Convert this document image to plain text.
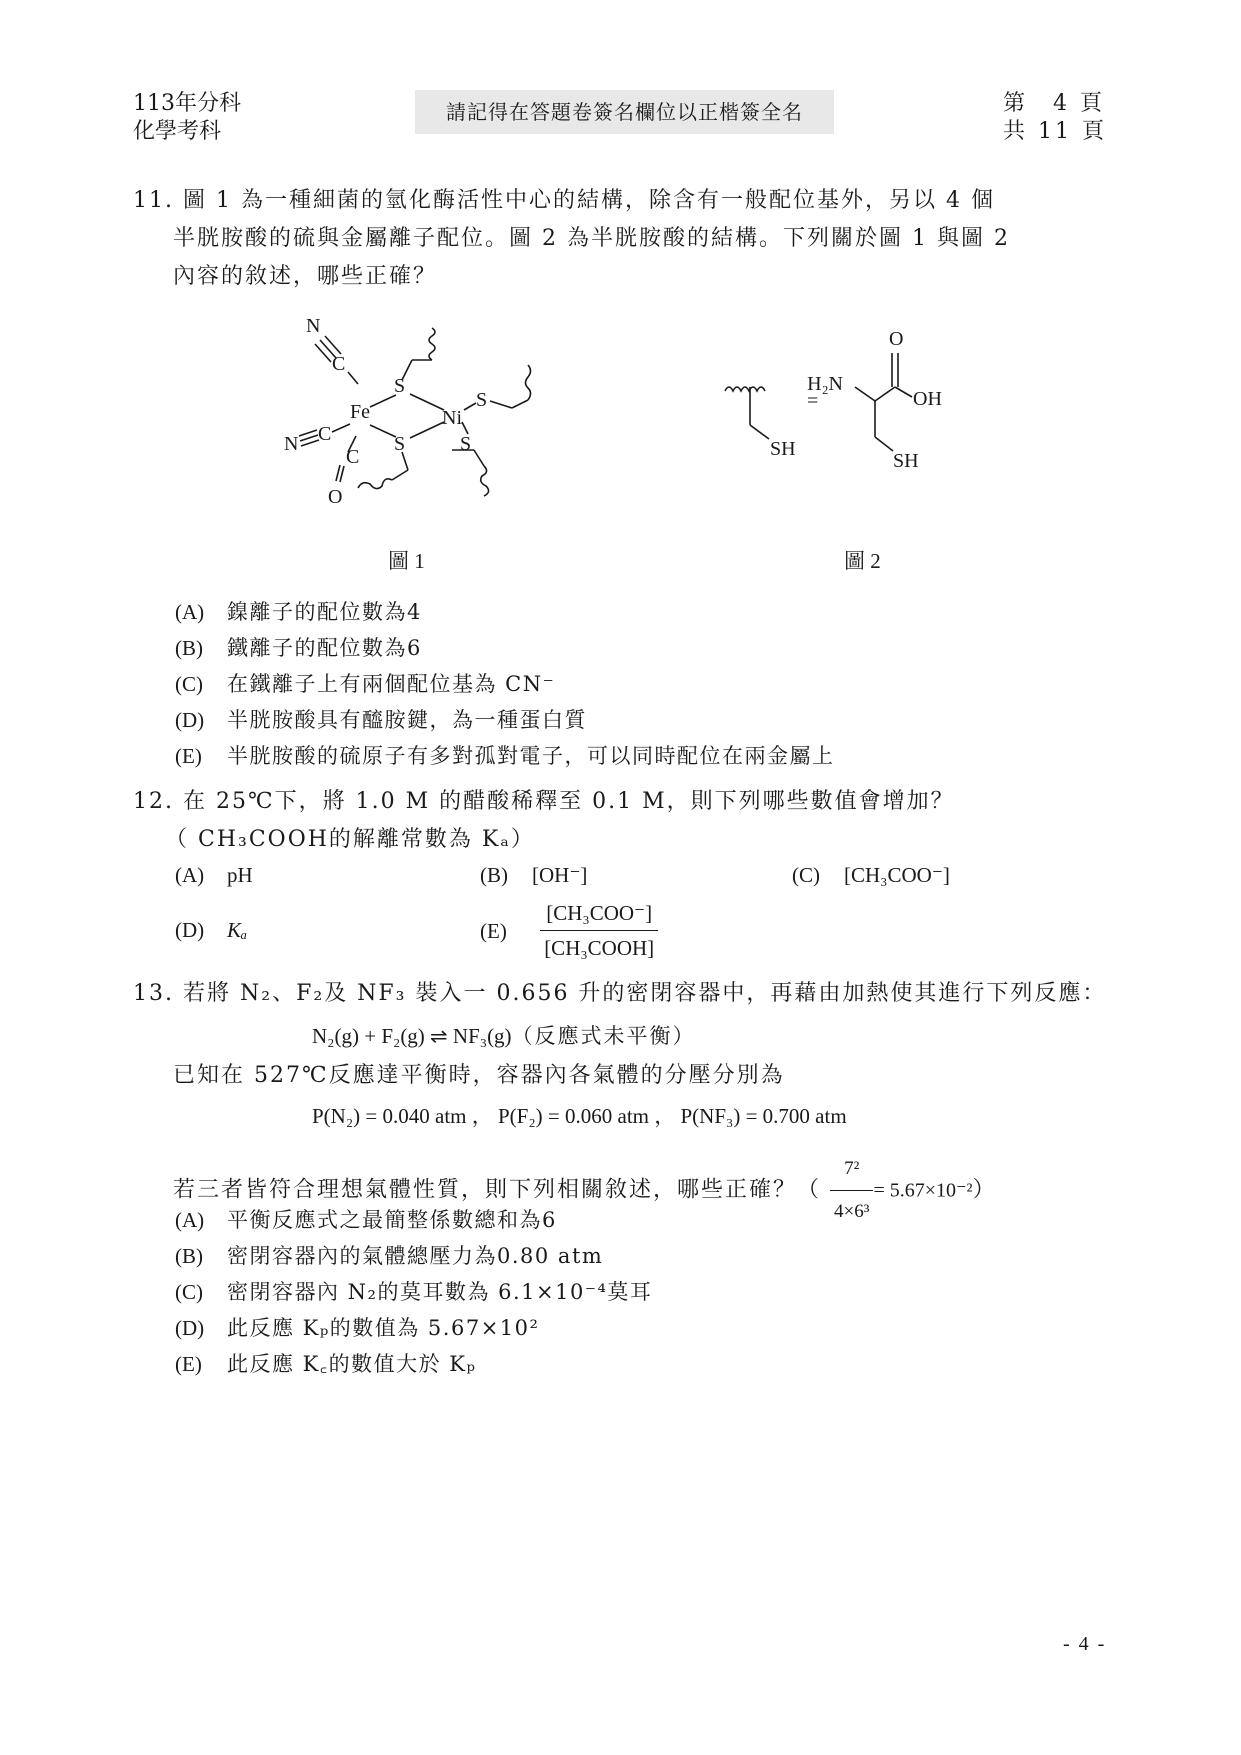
113年分科
化學考科
請記得在答題卷簽名欄位以正楷簽全名	第　4 頁
共 11 頁
11. 圖 1 為一種細菌的氫化酶活性中心的結構，除含有一般配位基外，另以 4 個
半胱胺酸的硫與金屬離子配位。圖 2 為半胱胺酸的結構。下列關於圖 1 與圖 2
內容的敘述，哪些正確？
N
C
Fe
N C
C
O
S
S
Ni
S
S
圖 1
=
SH
H₂N
O
OH
SH
圖 2
(A) 鎳離子的配位數為4
(B) 鐵離子的配位數為6
(C) 在鐵離子上有兩個配位基為 CN⁻
(D) 半胱胺酸具有醯胺鍵，為一種蛋白質
(E) 半胱胺酸的硫原子有多對孤對電子，可以同時配位在兩金屬上
12. 在 25℃下，將 1.0 M 的醋酸稀釋至 0.1 M，則下列哪些數值會增加？
（ CH₃COOH的解離常數為 Kₐ）
(A) pH	(B) [OH⁻]	(C) [CH₃COO⁻]
(D) Kₐ	$(E) \frac{\text{[CH₃COO⁻]}}{\text{[CH₃COOH]}}$
13. 若將 N₂、F₂及 NF₃ 裝入一 0.656 升的密閉容器中，再藉由加熱使其進行下列反應：
N₂(g) + F₂(g) ⇌ NF₃(g)（反應式未平衡）
已知在 527℃反應達平衡時，容器內各氣體的分壓分別為
P(N₂) = 0.040 atm ， P(F₂) = 0.060 atm ， P(NF₃) = 0.700 atm
若三者皆符合理想氣體性質，則下列相關敘述，哪些正確？（ $\frac{\text{7²}}{\text{4×6³}} = 5.67\times 10^{-2}$）
(A) 平衡反應式之最簡整係數總和為6
(B) 密閉容器內的氣體總壓力為0.80 atm
(C) 密閉容器內 N₂的莫耳數為 6.1×10⁻⁴莫耳
(D) 此反應 Kₚ的數值為 5.67×10²
(E) 此反應 K꜀的數值大於 Kₚ
- 4 -
